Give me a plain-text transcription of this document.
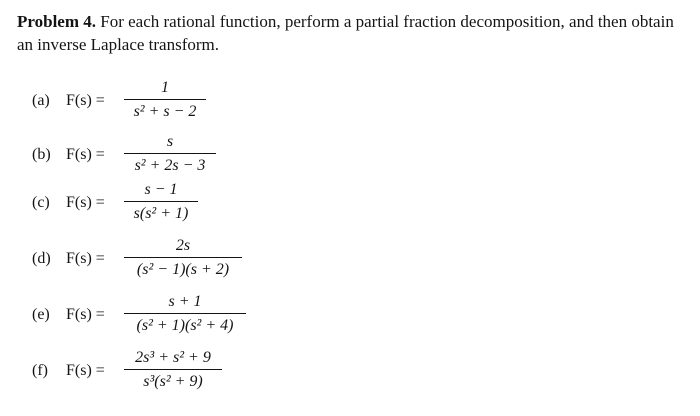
Problem 4. For each rational function, perform a partial fraction decomposition, and then obtain an inverse Laplace transform.
(a) F(s) =
1
s² + s − 2
(b) F(s) =
s
s² + 2s − 3
(c) F(s) =
s − 1
s(s² + 1)
(d) F(s) =
2s
(s² − 1)(s + 2)
(e) F(s) =
s + 1
(s² + 1)(s² + 4)
(f) F(s) =
2s³ + s² + 9
s³(s² + 9)
